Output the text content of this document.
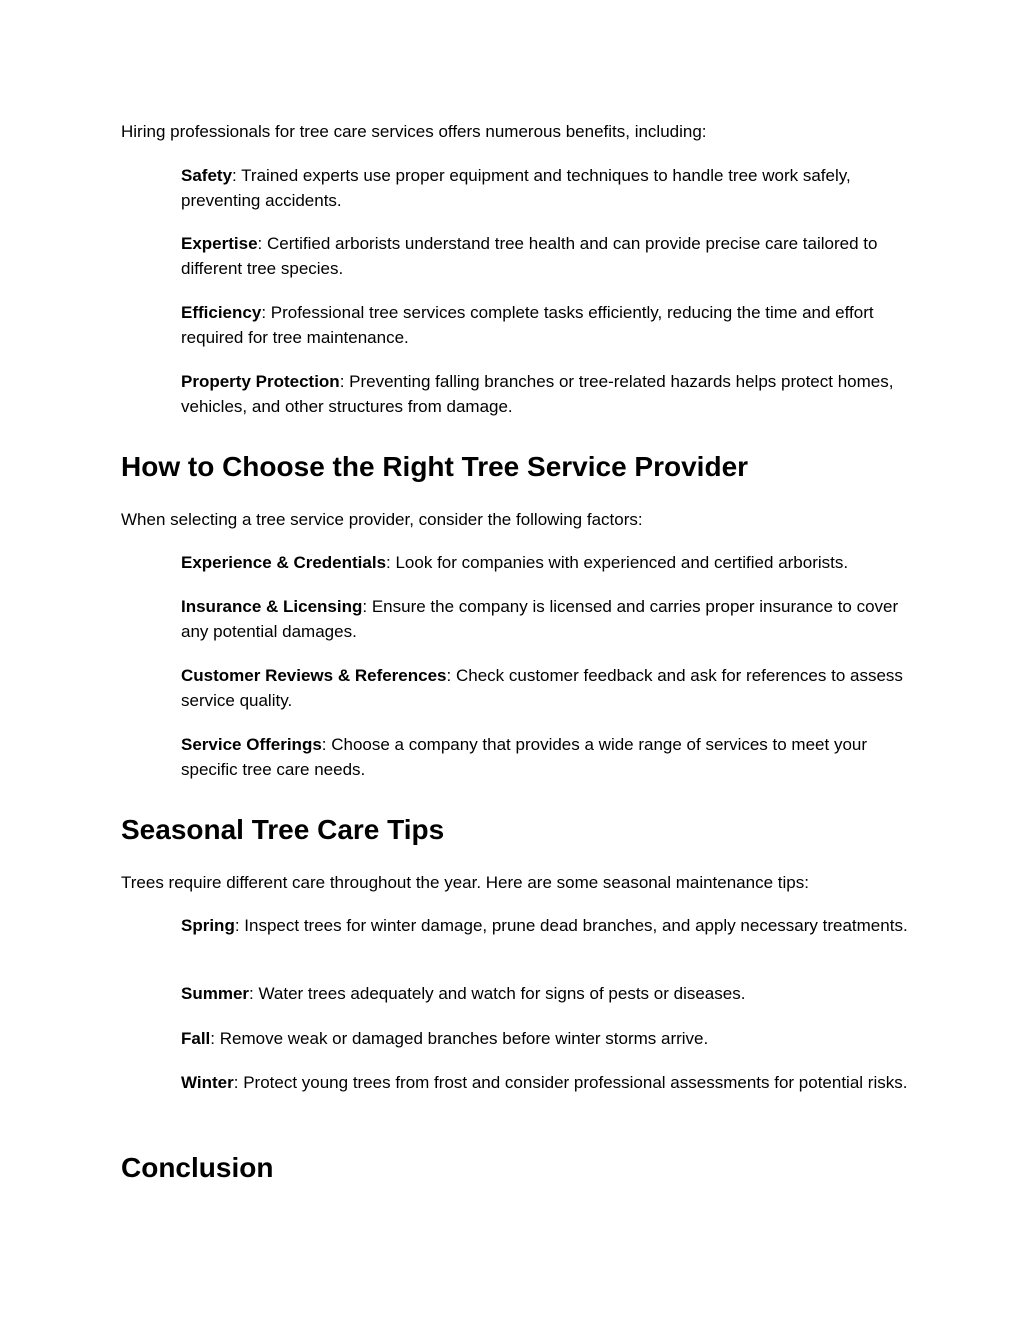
Hiring professionals for tree care services offers numerous benefits, including:

Safety: Trained experts use proper equipment and techniques to handle tree work safely, preventing accidents.

Expertise: Certified arborists understand tree health and can provide precise care tailored to different tree species.

Efficiency: Professional tree services complete tasks efficiently, reducing the time and effort required for tree maintenance.

Property Protection: Preventing falling branches or tree-related hazards helps protect homes, vehicles, and other structures from damage.

How to Choose the Right Tree Service Provider

When selecting a tree service provider, consider the following factors:

Experience & Credentials: Look for companies with experienced and certified arborists.

Insurance & Licensing: Ensure the company is licensed and carries proper insurance to cover any potential damages.

Customer Reviews & References: Check customer feedback and ask for references to assess service quality.

Service Offerings: Choose a company that provides a wide range of services to meet your specific tree care needs.

Seasonal Tree Care Tips

Trees require different care throughout the year. Here are some seasonal maintenance tips:

Spring: Inspect trees for winter damage, prune dead branches, and apply necessary treatments.

Summer: Water trees adequately and watch for signs of pests or diseases.

Fall: Remove weak or damaged branches before winter storms arrive.

Winter: Protect young trees from frost and consider professional assessments for potential risks.

Conclusion
